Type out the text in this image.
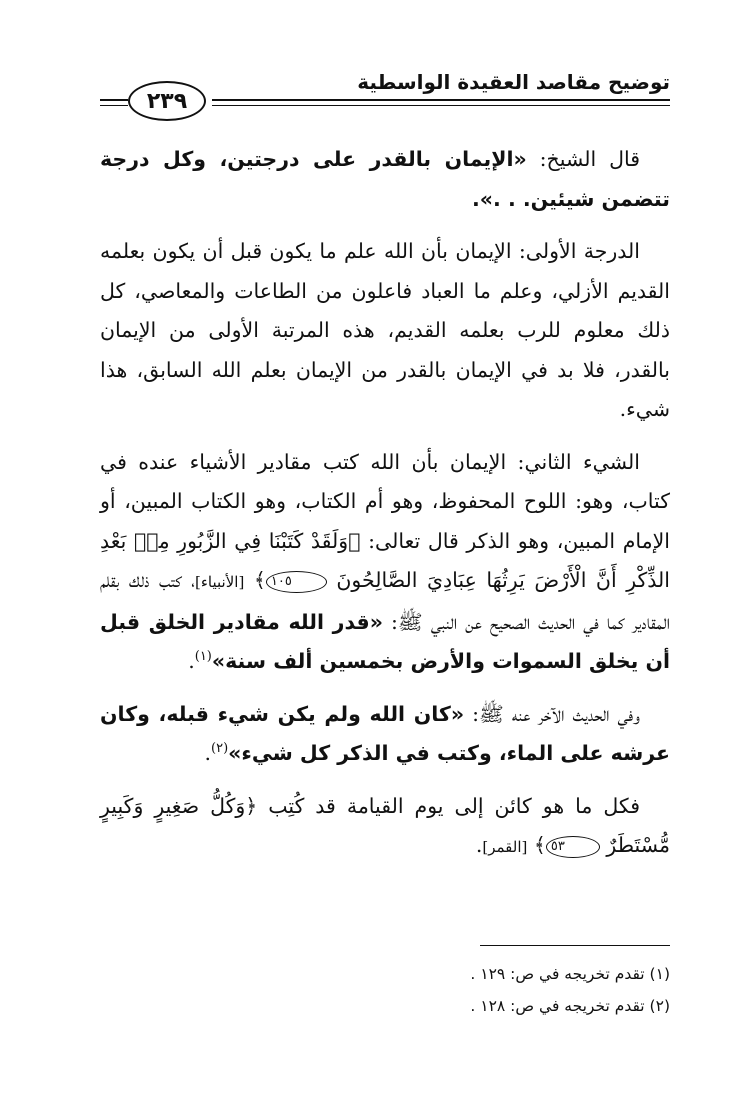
توضيح مقاصد العقيدة الواسطية
٢٣٩

قال الشيخ: «الإيمان بالقدر على درجتين، وكل درجة تتضمن شيئين. . .».

الدرجة الأولى: الإيمان بأن الله علم ما يكون قبل أن يكون بعلمه القديم الأزلي، وعلم ما العباد فاعلون من الطاعات والمعاصي، كل ذلك معلوم للرب بعلمه القديم، هذه المرتبة الأولى من الإيمان بالقدر، فلا بد في الإيمان بالقدر من الإيمان بعلم الله السابق، هذا شيء.

الشيء الثاني: الإيمان بأن الله كتب مقادير الأشياء عنده في كتاب، وهو: اللوح المحفوظ، وهو أم الكتاب، وهو الكتاب المبين، أو الإمام المبين، وهو الذكر قال تعالى: ﴿وَلَقَدْ كَتَبْنَا فِي الزَّبُورِ مِنۢ بَعْدِ الذِّكْرِ أَنَّ الْأَرْضَ يَرِثُهَا عِبَادِيَ الصَّالِحُونَ ١٠٥﴾ [الأنبياء]، كتب ذلك بقلم المقادير كما في الحديث الصحيح عن النبي ﷺ: «قدر الله مقادير الخلق قبل أن يخلق السموات والأرض بخمسين ألف سنة»$^{(١)}$.

وفي الحديث الآخر عنه ﷺ: «كان الله ولم يكن شيء قبله، وكان عرشه على الماء، وكتب في الذكر كل شيء»$^{(٢)}$.

فكل ما هو كائن إلى يوم القيامة قد كُتِب ﴿وَكُلُّ صَغِيرٍ وَكَبِيرٍ مُّسْتَطَرٌ ٥٣﴾ [القمر].

(١) تقدم تخريجه في ص: ١٢٩ .
(٢) تقدم تخريجه في ص: ١٢٨ .
